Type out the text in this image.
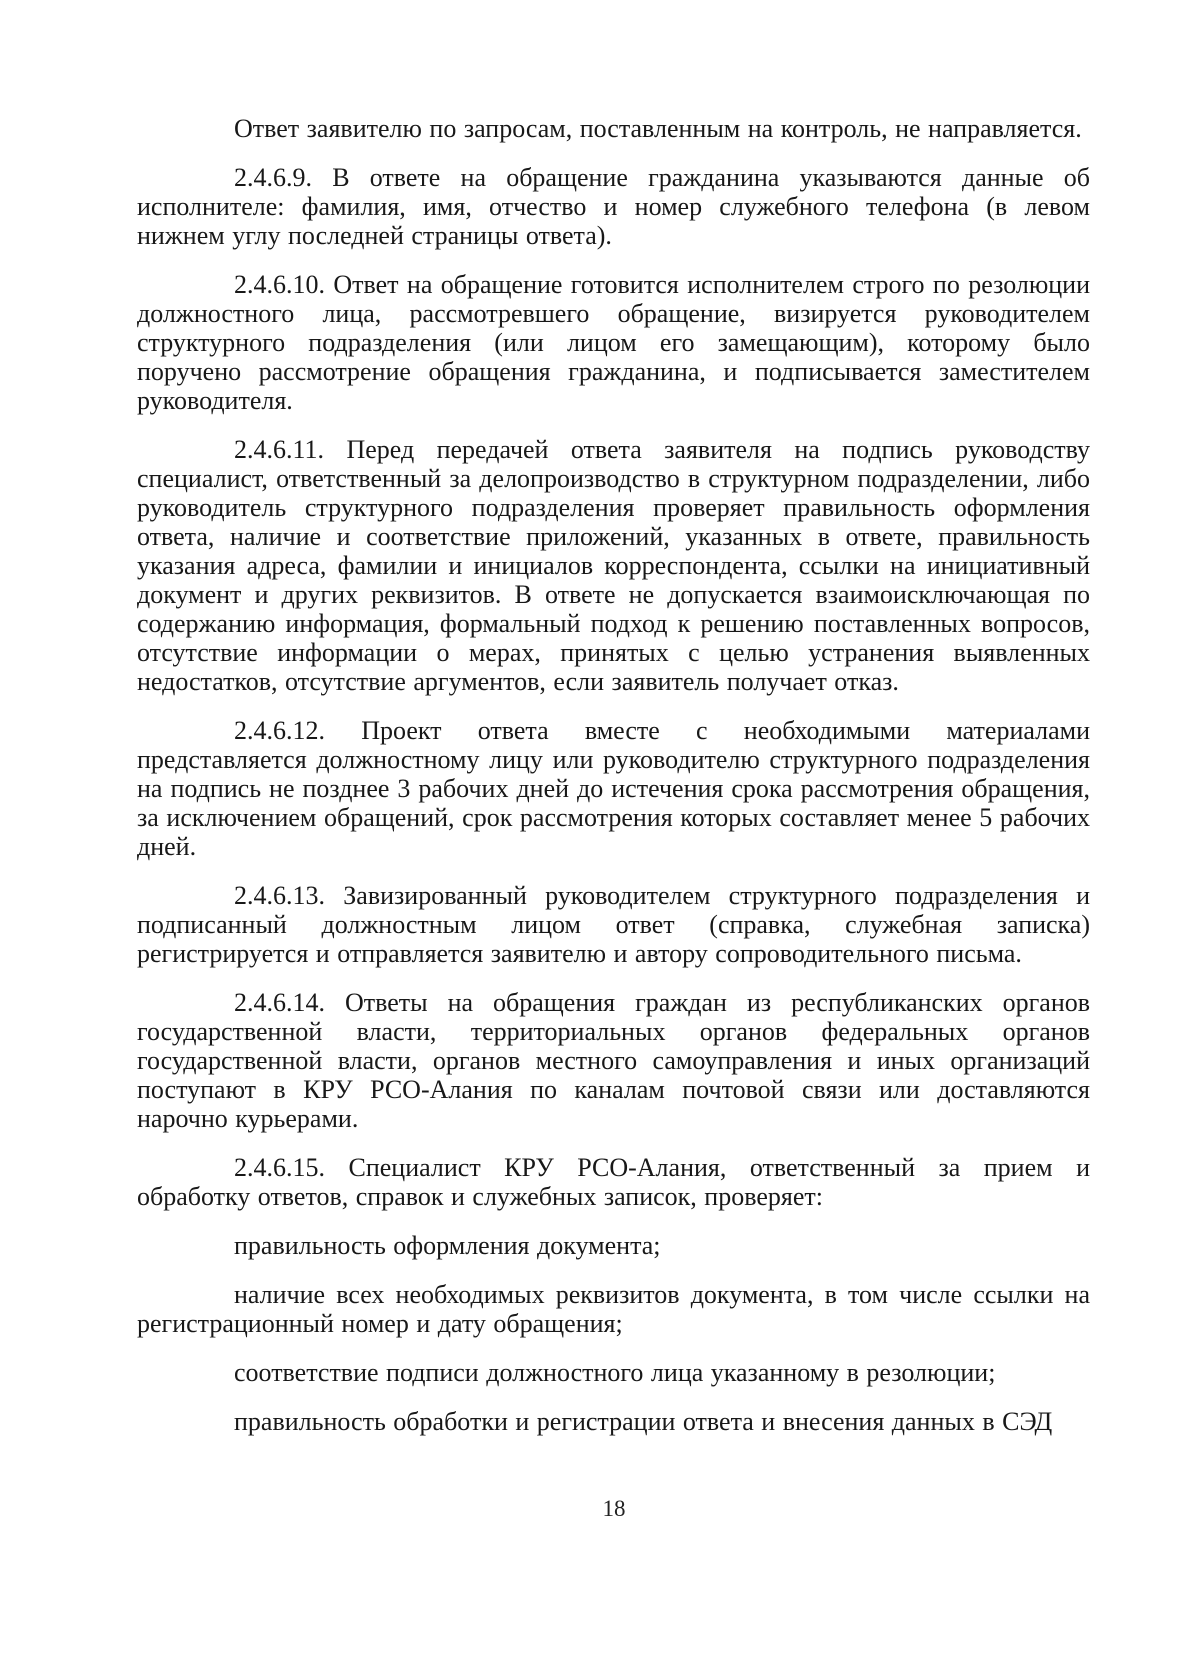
Ответ заявителю по запросам, поставленным на контроль, не направляется.

2.4.6.9. В ответе на обращение гражданина указываются данные об исполнителе: фамилия, имя, отчество и номер служебного телефона (в левом нижнем углу последней страницы ответа).

2.4.6.10. Ответ на обращение готовится исполнителем строго по резолюции должностного лица, рассмотревшего обращение, визируется руководителем структурного подразделения (или лицом его замещающим), которому было поручено рассмотрение обращения гражданина, и подписывается заместителем руководителя.

2.4.6.11. Перед передачей ответа заявителя на подпись руководству специалист, ответственный за делопроизводство в структурном подразделении, либо руководитель структурного подразделения проверяет правильность оформления ответа, наличие и соответствие приложений, указанных в ответе, правильность указания адреса, фамилии и инициалов корреспондента, ссылки на инициативный документ и других реквизитов. В ответе не допускается взаимоисключающая по содержанию информация, формальный подход к решению поставленных вопросов, отсутствие информации о мерах, принятых с целью устранения выявленных недостатков, отсутствие аргументов, если заявитель получает отказ.

2.4.6.12. Проект ответа вместе с необходимыми материалами представляется должностному лицу или руководителю структурного подразделения на подпись не позднее 3 рабочих дней до истечения срока рассмотрения обращения, за исключением обращений, срок рассмотрения которых составляет менее 5 рабочих дней.

2.4.6.13. Завизированный руководителем структурного подразделения и подписанный должностным лицом ответ (справка, служебная записка) регистрируется и отправляется заявителю и автору сопроводительного письма.

2.4.6.14. Ответы на обращения граждан из республиканских органов государственной власти, территориальных органов федеральных органов государственной власти, органов местного самоуправления и иных организаций поступают в КРУ РСО-Алания по каналам почтовой связи или доставляются нарочно курьерами.

2.4.6.15. Специалист КРУ РСО-Алания, ответственный за прием и обработку ответов, справок и служебных записок, проверяет:

правильность оформления документа;

наличие всех необходимых реквизитов документа, в том числе ссылки на регистрационный номер и дату обращения;

соответствие подписи должностного лица указанному в резолюции;

правильность обработки и регистрации ответа и внесения данных в СЭД

18
